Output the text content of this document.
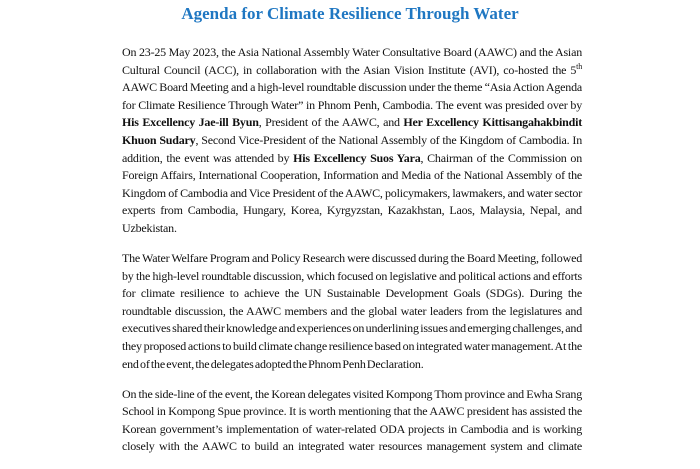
Agenda for Climate Resilience Through Water
On 23-25 May 2023, the Asia National Assembly Water Consultative Board (AAWC) and the Asian
Cultural Council (ACC), in collaboration with the Asian Vision Institute (AVI), co-hosted the 5th
AAWC Board Meeting and a high-level roundtable discussion under the theme “Asia Action Agenda
for Climate Resilience Through Water” in Phnom Penh, Cambodia. The event was presided over by
His Excellency Jae-ill Byun, President of the AAWC, and Her Excellency Kittisangahakbindit
Khuon Sudary, Second Vice-President of the National Assembly of the Kingdom of Cambodia. In
addition, the event was attended by His Excellency Suos Yara, Chairman of the Commission on
Foreign Affairs, International Cooperation, Information and Media of the National Assembly of the
Kingdom of Cambodia and Vice President of the AAWC, policymakers, lawmakers, and water sector
experts from Cambodia, Hungary, Korea, Kyrgyzstan, Kazakhstan, Laos, Malaysia, Nepal, and
Uzbekistan.
The Water Welfare Program and Policy Research were discussed during the Board Meeting, followed
by the high-level roundtable discussion, which focused on legislative and political actions and efforts
for climate resilience to achieve the UN Sustainable Development Goals (SDGs). During the
roundtable discussion, the AAWC members and the global water leaders from the legislatures and
executives shared their knowledge and experiences on underlining issues and emerging challenges, and
they proposed actions to build climate change resilience based on integrated water management. At the
end of the event, the delegates adopted the Phnom Penh Declaration.
On the side-line of the event, the Korean delegates visited Kompong Thom province and Ewha Srang
School in Kompong Spue province. It is worth mentioning that the AAWC president has assisted the
Korean government’s implementation of water-related ODA projects in Cambodia and is working
closely with the AAWC to build an integrated water resources management system and climate
